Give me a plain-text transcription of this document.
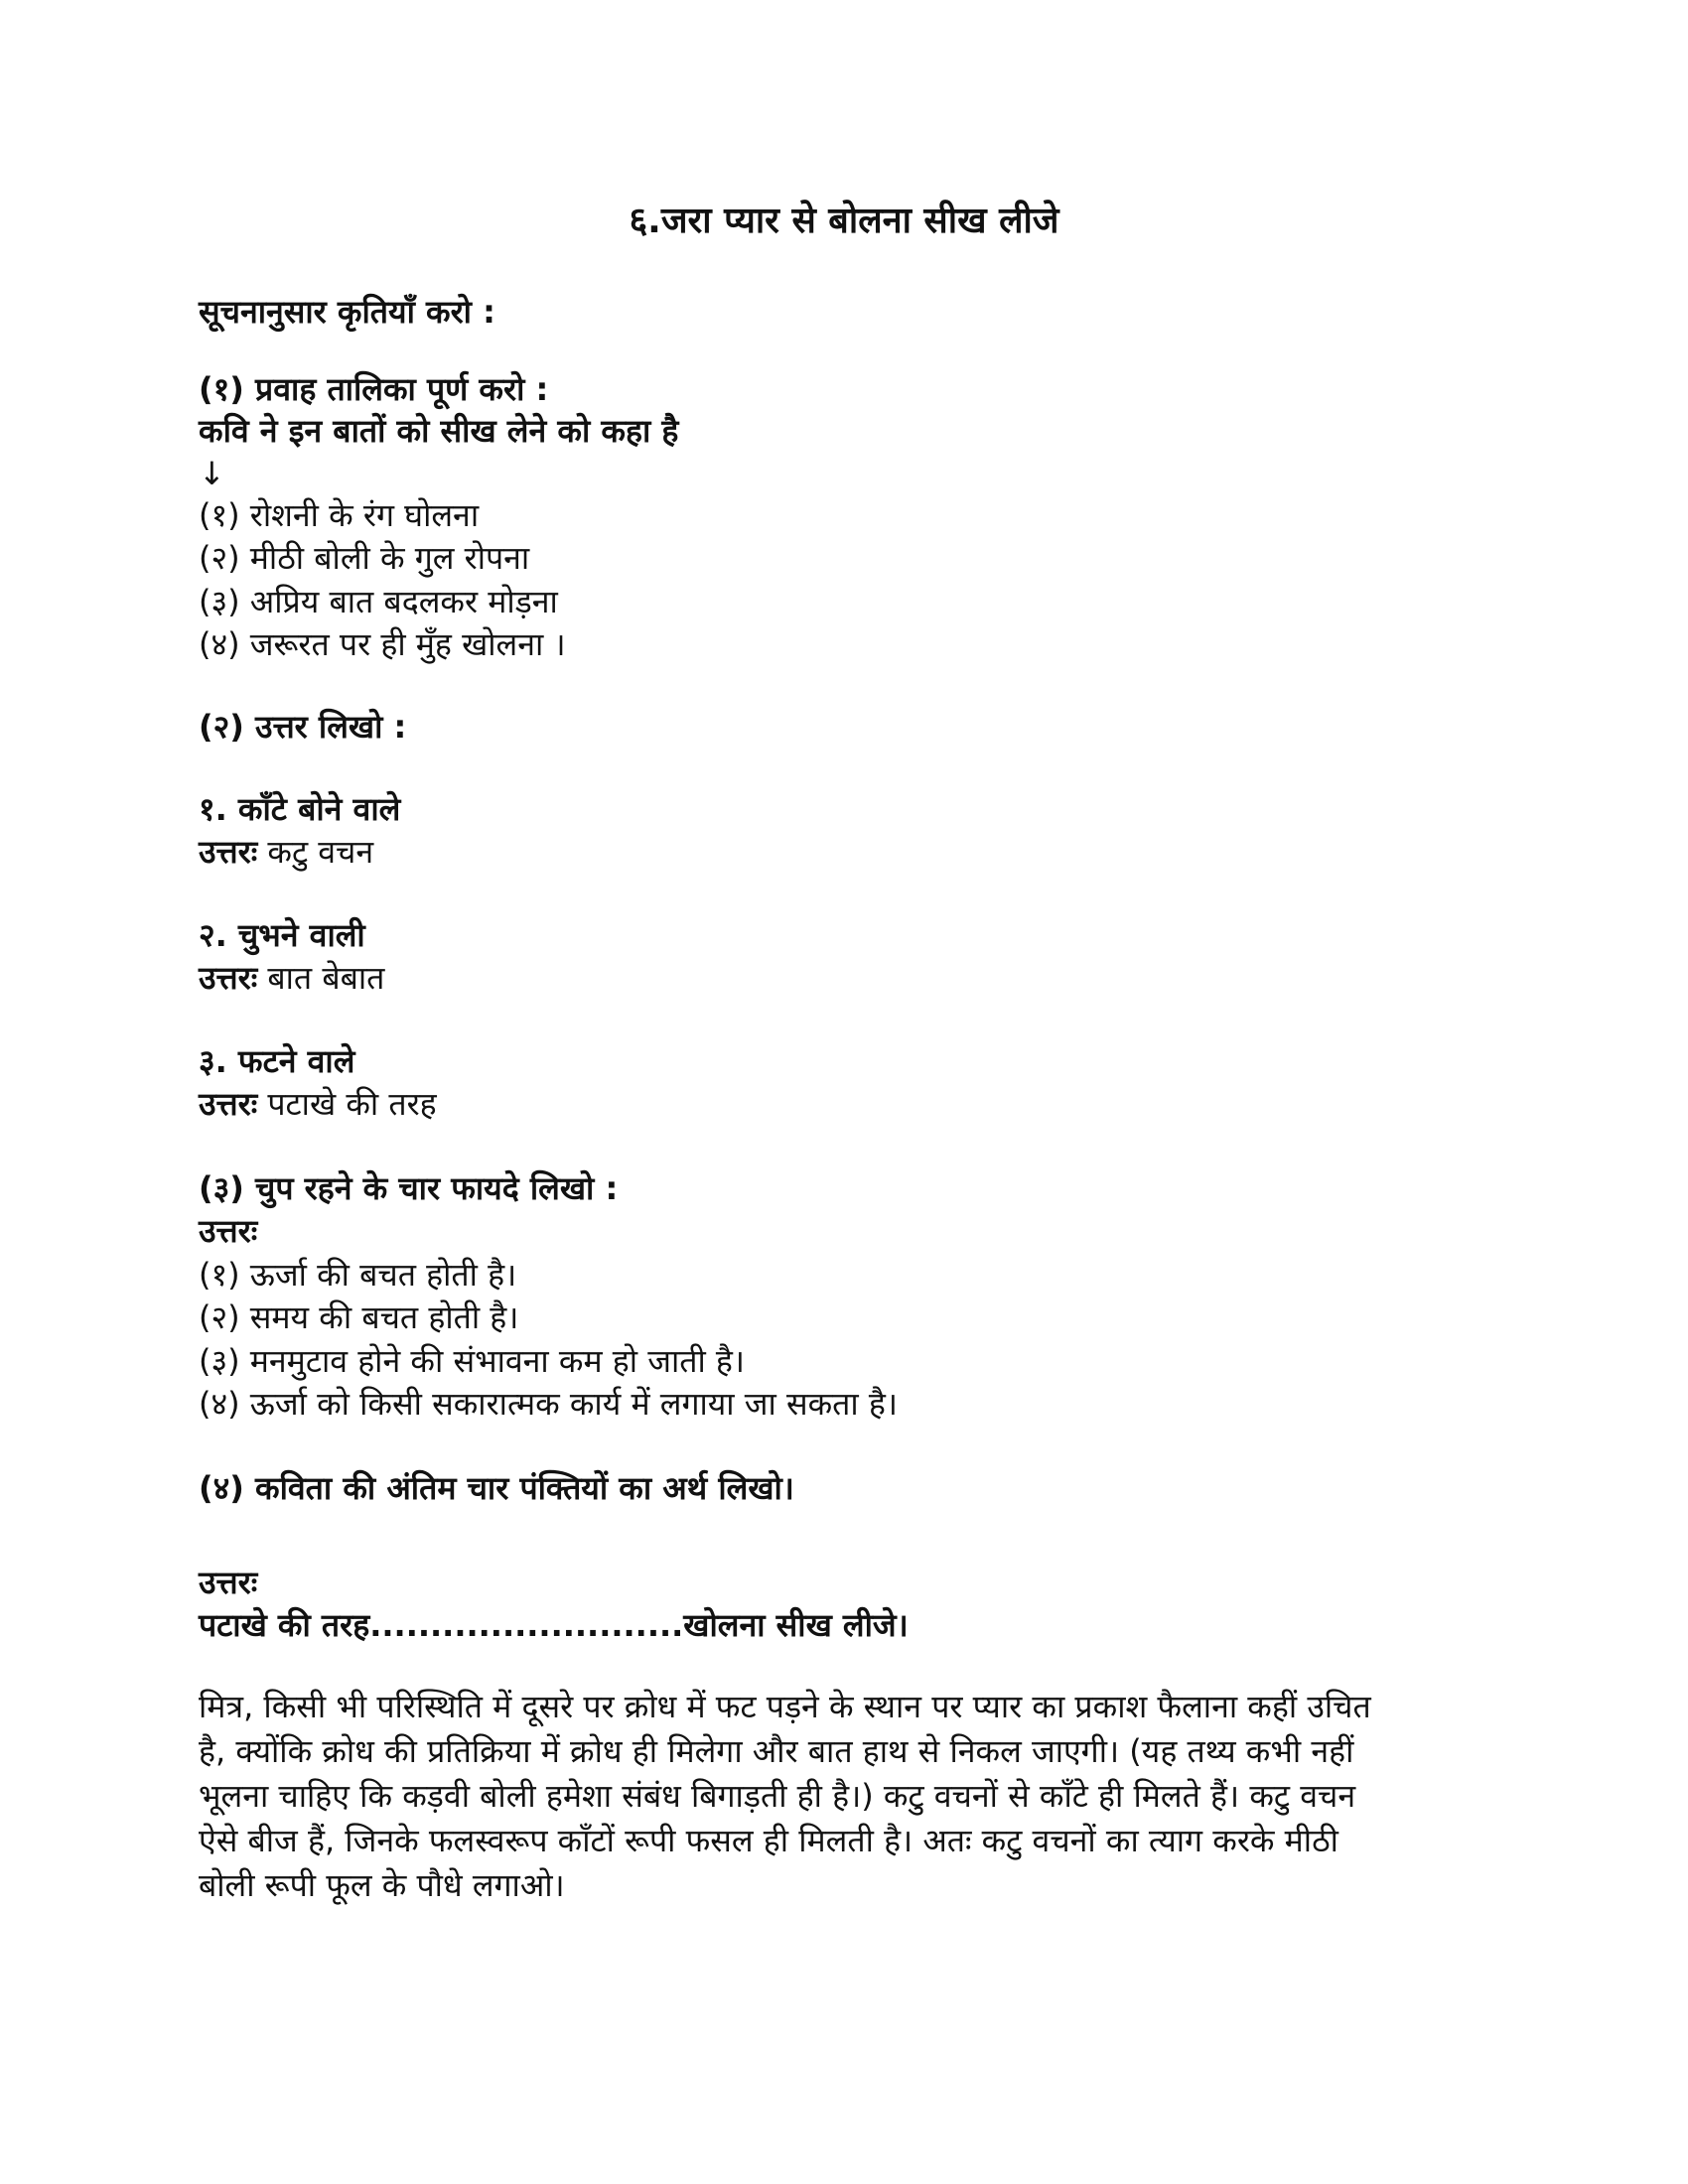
६.जरा प्यार से बोलना सीख लीजे
सूचनानुसार कृतियाँ करो :
(१) प्रवाह तालिका पूर्ण करो :
कवि ने इन बातों को सीख लेने को कहा है
↓
(१) रोशनी के रंग घोलना
(२) मीठी बोली के गुल रोपना
(३) अप्रिय बात बदलकर मोड़ना
(४) जरूरत पर ही मुँह खोलना ।
(२) उत्तर लिखो :
१. काँटे बोने वाले
उत्तरः कटु वचन
२. चुभने वाली
उत्तरः बात बेबात
३. फटने वाले
उत्तरः पटाखे की तरह
(३) चुप रहने के चार फायदे लिखो :
उत्तरः
(१) ऊर्जा की बचत होती है।
(२) समय की बचत होती है।
(३) मनमुटाव होने की संभावना कम हो जाती है।
(४) ऊर्जा को किसी सकारात्मक कार्य में लगाया जा सकता है।
(४) कविता की अंतिम चार पंक्तियों का अर्थ लिखो।
उत्तरः
पटाखे की तरह..........................खोलना सीख लीजे।
मित्र, किसी भी परिस्थिति में दूसरे पर क्रोध में फट पड़ने के स्थान पर प्यार का प्रकाश फैलाना कहीं उचित
है, क्योंकि क्रोध की प्रतिक्रिया में क्रोध ही मिलेगा और बात हाथ से निकल जाएगी। (यह तथ्य कभी नहीं
भूलना चाहिए कि कड़वी बोली हमेशा संबंध बिगाड़ती ही है।) कटु वचनों से काँटे ही मिलते हैं। कटु वचन
ऐसे बीज हैं, जिनके फलस्वरूप काँटों रूपी फसल ही मिलती है। अतः कटु वचनों का त्याग करके मीठी
बोली रूपी फूल के पौधे लगाओ।
